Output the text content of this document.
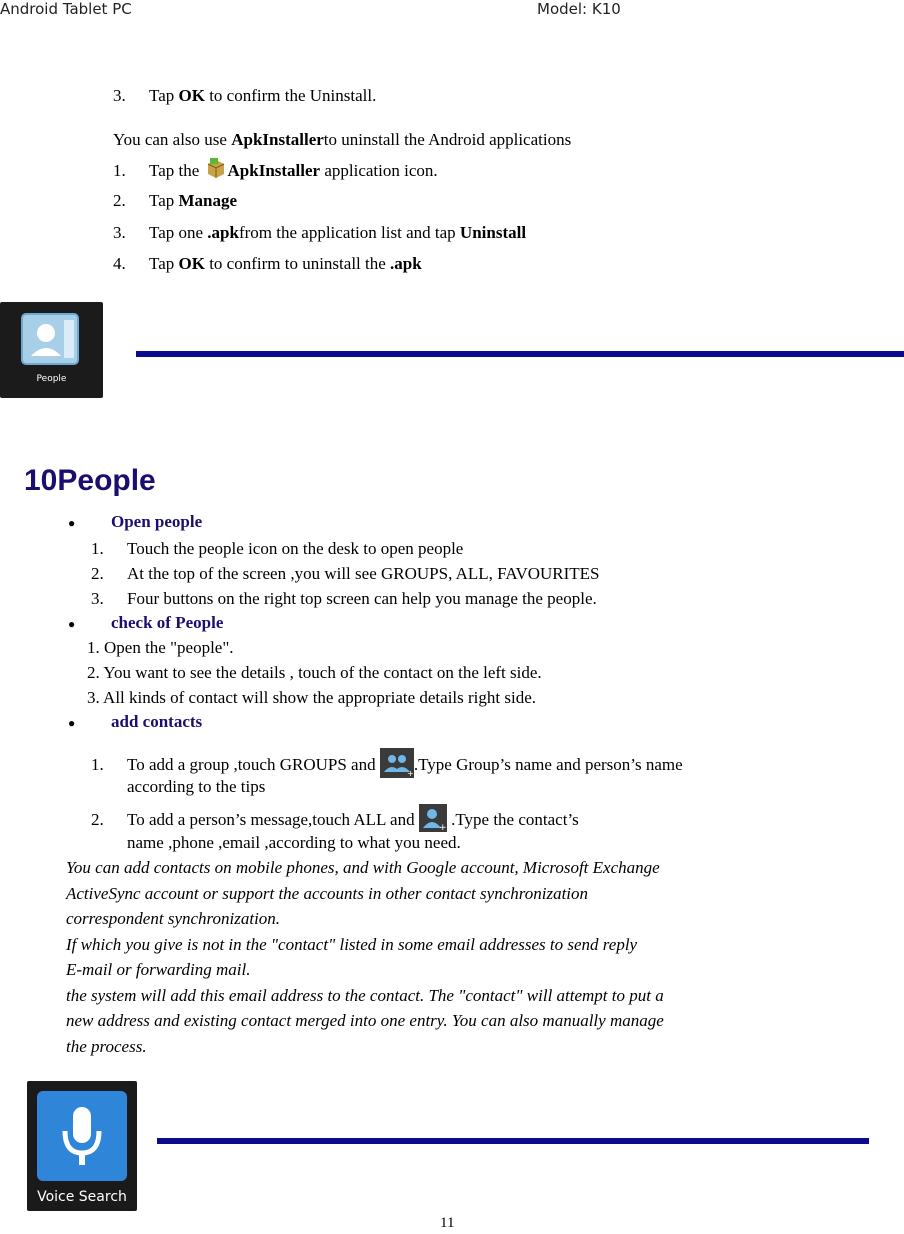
Android Tablet PC	Model: K10
3. Tap OK to confirm the Uninstall.
You can also use ApkInstallerto uninstall the Android applications
1. Tap the ApkInstaller application icon.
2. Tap Manage
3. Tap one .apkfrom the application list and tap Uninstall
4. Tap OK to confirm to uninstall the .apk
People
10People
● Open people
1. Touch the people icon on the desk to open people
2. At the top of the screen ,you will see GROUPS, ALL, FAVOURITES
3. Four buttons on the right top screen can help you manage the people.
● check of People
1. Open the "people".
2. You want to see the details , touch of the contact on the left side.
3. All kinds of contact will show the appropriate details right side.
● add contacts
1. To add a group ,touch GROUPS and	+ .Type Group’s name and person’s name
according to the tips
2. To add a person’s message,touch ALL and + .Type the contact’s
name ,phone ,email ,according to what you need.
You can add contacts on mobile phones, and with Google account, Microsoft Exchange
ActiveSync account or support the accounts in other contact synchronization
correspondent synchronization.
If which you give is not in the "contact" listed in some email addresses to send reply
E-mail or forwarding mail.
the system will add this email address to the contact. The "contact" will attempt to put a
new address and existing contact merged into one entry. You can also manually manage
the process.
Voice Search
11
